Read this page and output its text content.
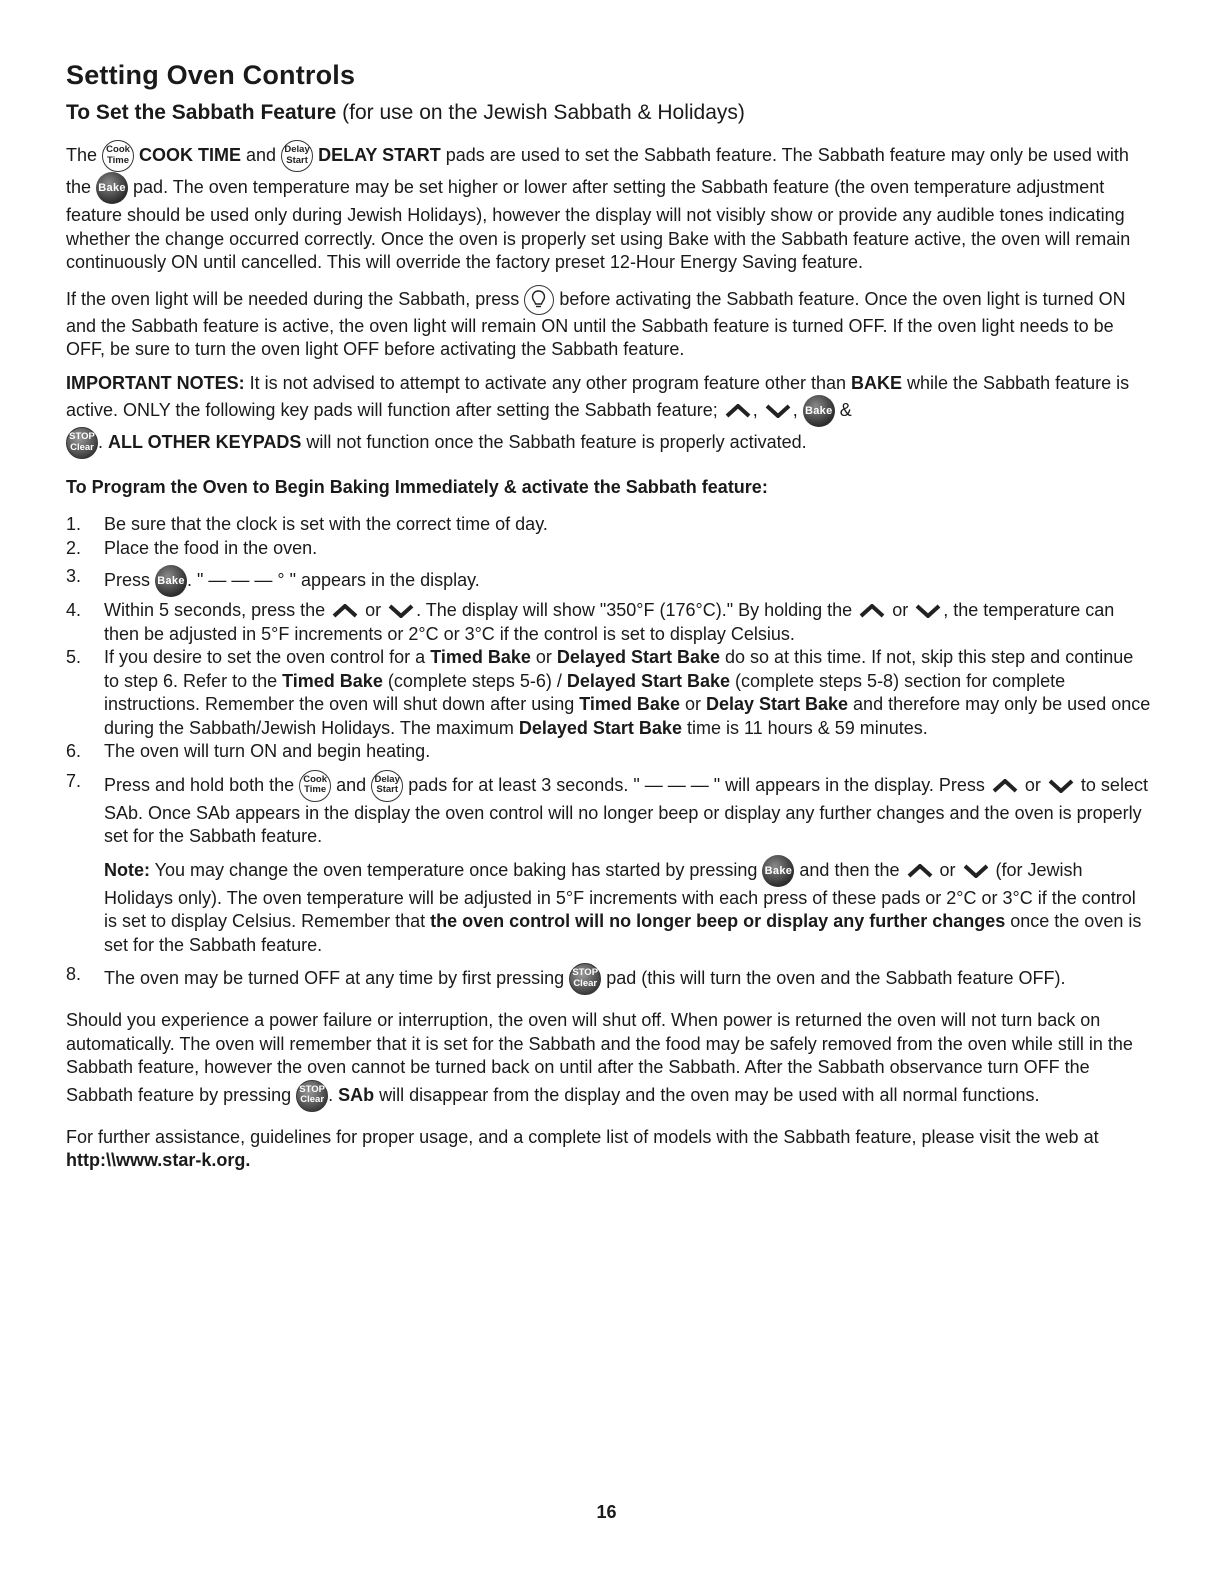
Setting Oven Controls
To Set the Sabbath Feature (for use on the Jewish Sabbath & Holidays)

The Cook
Time COOK TIME and Delay
Start DELAY START pads are used to set the Sabbath feature. The Sabbath feature may only be used with the Bake pad. The oven temperature may be set higher or lower after setting the Sabbath feature (the oven temperature adjustment feature should be used only during Jewish Holidays), however the display will not visibly show or provide any audible tones indicating whether the change occurred correctly. Once the oven is properly set using Bake with the Sabbath feature active, the oven will remain continuously ON until cancelled. This will override the factory preset 12-Hour Energy Saving feature.

If the oven light will be needed during the Sabbath, press
before activating the Sabbath feature. Once the oven light is turned ON and the Sabbath feature is active, the oven light will remain ON until the Sabbath feature is turned OFF. If the oven light needs to be OFF, be sure to turn the oven light OFF before activating the Sabbath feature.

IMPORTANT NOTES: It is not advised to attempt to activate any other program feature other than BAKE while the Sabbath feature is active. ONLY the following key pads will function after setting the Sabbath feature; , , Bake &
STOP
Clear . ALL OTHER KEYPADS will not function once the Sabbath feature is properly activated.

To Program the Oven to Begin Baking Immediately & activate the Sabbath feature:
1.	Be sure that the clock is set with the correct time of day.
2.	Place the food in the oven.
3.	Press Bake . " — — — ° " appears in the display.
4.	Within 5 seconds, press the  or . The display will show "350°F (176°C)." By holding the  or , the temperature can then be adjusted in 5°F increments or 2°C or 3°C if the control is set to display Celsius.
5.	If you desire to set the oven control for a Timed Bake or Delayed Start Bake do so at this time. If not, skip this step and continue to step 6. Refer to the Timed Bake (complete steps 5-6) / Delayed Start Bake (complete steps 5-8) section for complete instructions. Remember the oven will shut down after using Timed Bake or Delay Start Bake and therefore may only be used once during the Sabbath/Jewish Holidays. The maximum Delayed Start Bake time is 11 hours & 59 minutes.
6.	The oven will turn ON and begin heating.
7.	Press and hold both the Cook
Time and Delay
Start pads for at least 3 seconds. " — — — " will appears in the display. Press  or  to select SAb. Once SAb appears in the display the oven control will no longer beep or display any further changes and the oven is properly set for the Sabbath feature.

Note: You may change the oven temperature once baking has started by pressing Bake and then the  or  (for Jewish Holidays only). The oven temperature will be adjusted in 5°F increments with each press of these pads or 2°C or 3°C if the control is set to display Celsius. Remember that the oven control will no longer beep or display any further changes once the oven is set for the Sabbath feature.

8.	The oven may be turned OFF at any time by first pressing STOP
Clear pad (this will turn the oven and the Sabbath feature OFF).

Should you experience a power failure or interruption, the oven will shut off. When power is returned the oven will not turn back on automatically. The oven will remember that it is set for the Sabbath and the food may be safely removed from the oven while still in the Sabbath feature, however the oven cannot be turned back on until after the Sabbath. After the Sabbath observance turn OFF the Sabbath feature by pressing STOP
Clear . SAb will disappear from the display and the oven may be used with all normal functions.

For further assistance, guidelines for proper usage, and a complete list of models with the Sabbath feature, please visit the web at http:\\www.star-k.org.

16
